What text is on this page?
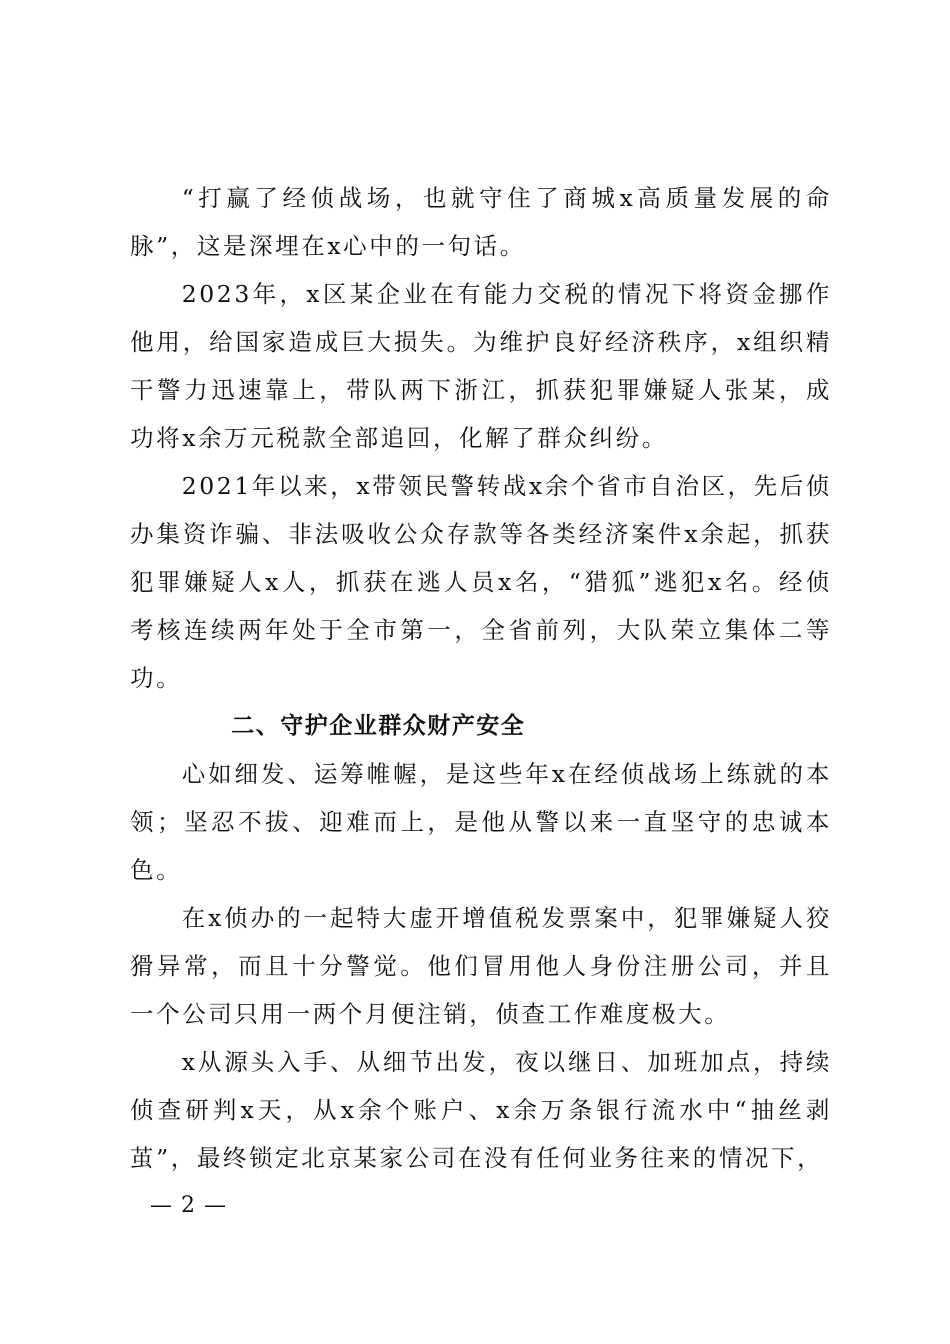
“打赢了经侦战场，也就守住了商城x高质量发展的命脉”，这是深埋在x心中的一句话。

2023年，x区某企业在有能力交税的情况下将资金挪作他用，给国家造成巨大损失。为维护良好经济秩序，x组织精干警力迅速靠上，带队两下浙江，抓获犯罪嫌疑人张某，成功将x余万元税款全部追回，化解了群众纠纷。

2021年以来，x带领民警转战x余个省市自治区，先后侦办集资诈骗、非法吸收公众存款等各类经济案件x余起，抓获犯罪嫌疑人x人，抓获在逃人员x名，“猎狐”逃犯x名。经侦考核连续两年处于全市第一，全省前列，大队荣立集体二等功。

二、守护企业群众财产安全

心如细发、运筹帷幄，是这些年x在经侦战场上练就的本领；坚忍不拔、迎难而上，是他从警以来一直坚守的忠诚本色。

在x侦办的一起特大虚开增值税发票案中，犯罪嫌疑人狡猾异常，而且十分警觉。他们冒用他人身份注册公司，并且一个公司只用一两个月便注销，侦查工作难度极大。

x从源头入手、从细节出发，夜以继日、加班加点，持续侦查研判x天，从x余个账户、x余万条银行流水中“抽丝剥茧”，最终锁定北京某家公司在没有任何业务往来的情况下，

— 2 —
